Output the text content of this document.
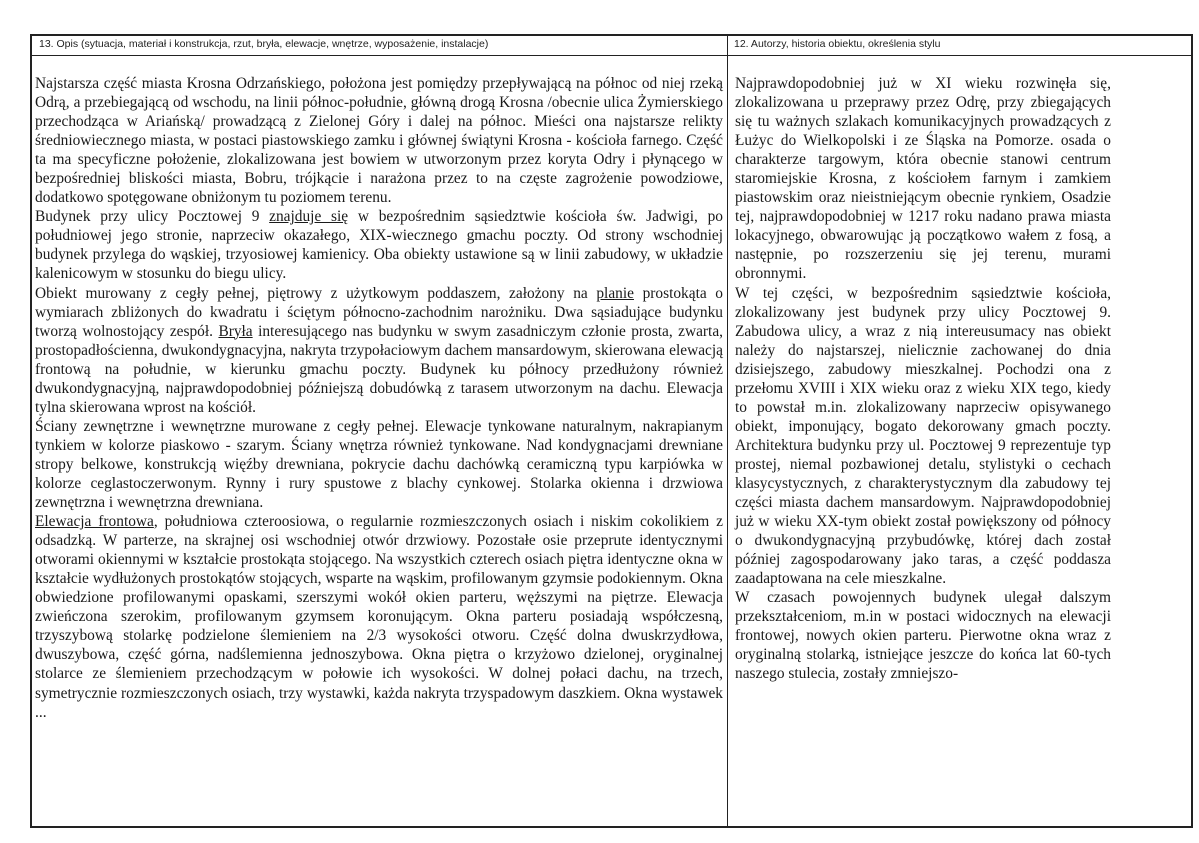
13. Opis (sytuacja, materiał i konstrukcja, rzut, bryła, elewacje, wnętrze, wyposażenie, instalacje)	12. Autorzy, historia obiektu, określenia stylu

Najstarsza część miasta Krosna Odrzańskiego, położona jest pomiędzy przepływającą na północ od niej rzeką Odrą, a przebiegającą od wschodu, na linii północ-południe, główną drogą Krosna /obecnie ulica Żymierskiego przechodząca w Ariańską/ prowadzącą z Zielonej Góry i dalej na północ. Mieści ona najstarsze relikty średniowiecznego miasta, w postaci piastowskiego zamku i głównej świątyni Krosna - kościoła farnego. Część ta ma specyficzne położenie, zlokalizowana jest bowiem w utworzonym przez koryta Odry i płynącego w bezpośredniej bliskości miasta, Bobru, trójkącie i narażona przez to na częste zagrożenie powodziowe, dodatkowo spotęgowane obniżonym tu poziomem terenu.

Budynek przy ulicy Pocztowej 9 znajduje się w bezpośrednim sąsiedztwie kościoła św. Jadwigi, po południowej jego stronie, naprzeciw okazałego, XIX-wiecznego gmachu poczty. Od strony wschodniej budynek przylega do wąskiej, trzyosiowej kamienicy. Oba obiekty ustawione są w linii zabudowy, w układzie kalenicowym w stosunku do biegu ulicy.

Obiekt murowany z cegły pełnej, piętrowy z użytkowym poddaszem, założony na planie prostokąta o wymiarach zbliżonych do kwadratu i ściętym północno-zachodnim narożniku. Dwa sąsiadujące budynku tworzą wolnostojący zespół. Bryła interesującego nas budynku w swym zasadniczym członie prosta, zwarta, prostopadłościenna, dwukondygnacyjna, nakryta trzypołaciowym dachem mansardowym, skierowana elewacją frontową na południe, w kierunku gmachu poczty. Budynek ku północy przedłużony również dwukondygnacyjną, najprawdopodobniej późniejszą dobudówką z tarasem utworzonym na dachu. Elewacja tylna skierowana wprost na kościół.

Ściany zewnętrzne i wewnętrzne murowane z cegły pełnej. Elewacje tynkowane naturalnym, nakrapianym tynkiem w kolorze piaskowo - szarym. Ściany wnętrza również tynkowane. Nad kondygnacjami drewniane stropy belkowe, konstrukcją więźby drewniana, pokrycie dachu dachówką ceramiczną typu karpiówka w kolorze ceglastoczerwonym. Rynny i rury spustowe z blachy cynkowej. Stolarka okienna i drzwiowa zewnętrzna i wewnętrzna drewniana.

Elewacja frontowa, południowa czteroosiowa, o regularnie rozmieszczonych osiach i niskim cokolikiem z odsadzką. W parterze, na skrajnej osi wschodniej otwór drzwiowy. Pozostałe osie przeprute identycznymi otworami okiennymi w kształcie prostokąta stojącego. Na wszystkich czterech osiach piętra identyczne okna w kształcie wydłużonych prostokątów stojących, wsparte na wąskim, profilowanym gzymsie podokiennym. Okna obwiedzione profilowanymi opaskami, szerszymi wokół okien parteru, węższymi na piętrze. Elewacja zwieńczona szerokim, profilowanym gzymsem koronującym. Okna parteru posiadają współczesną, trzyszybową stolarkę podzielone ślemieniem na 2/3 wysokości otworu. Część dolna dwuskrzydłowa, dwuszybowa, część górna, nadślemienna jednoszybowa. Okna piętra o krzyżowo dzielonej, oryginalnej stolarce ze ślemieniem przechodzącym w połowie ich wysokości. W dolnej połaci dachu, na trzech, symetrycznie rozmieszczonych osiach, trzy wystawki, każda nakryta trzyspadowym daszkiem. Okna wystawek ...

Najprawdopodobniej już w XI wieku rozwinęła się, zlokalizowana u przeprawy przez Odrę, przy zbiegających się tu ważnych szlakach komunikacyjnych prowadzących z Łużyc do Wielkopolski i ze Śląska na Pomorze. osada o charakterze targowym, która obecnie stanowi centrum staromiejskie Krosna, z kościołem farnym i zamkiem piastowskim oraz nieistniejącym obecnie rynkiem, Osadzie tej, najprawdopodobniej w 1217 roku nadano prawa miasta lokacyjnego, obwarowując ją początkowo wałem z fosą, a następnie, po rozszerzeniu się jej terenu, murami obronnymi.

W tej części, w bezpośrednim sąsiedztwie kościoła, zlokalizowany jest budynek przy ulicy Pocztowej 9. Zabudowa ulicy, a wraz z nią intereusumacy nas obiekt należy do najstarszej, nielicznie zachowanej do dnia dzisiejszego, zabudowy mieszkalnej. Pochodzi ona z przełomu XVIII i XIX wieku oraz z wieku XIX tego, kiedy to powstał m.in. zlokalizowany naprzeciw opisywanego obiekt, imponujący, bogato dekorowany gmach poczty. Architektura budynku przy ul. Pocztowej 9 reprezentuje typ prostej, niemal pozbawionej detalu, stylistyki o cechach klasycystycznych, z charakterystycznym dla zabudowy tej części miasta dachem mansardowym. Najprawdopodobniej już w wieku XX-tym obiekt został powiększony od północy o dwukondygnacyjną przybudówkę, której dach został później zagospodarowany jako taras, a część poddasza zaadaptowana na cele mieszkalne.

W czasach powojennych budynek ulegał dalszym przekształceniom, m.in w postaci widocznych na elewacji frontowej, nowych okien parteru. Pierwotne okna wraz z oryginalną stolarką, istniejące jeszcze do końca lat 60-tych naszego stulecia, zostały zmniejszo-
